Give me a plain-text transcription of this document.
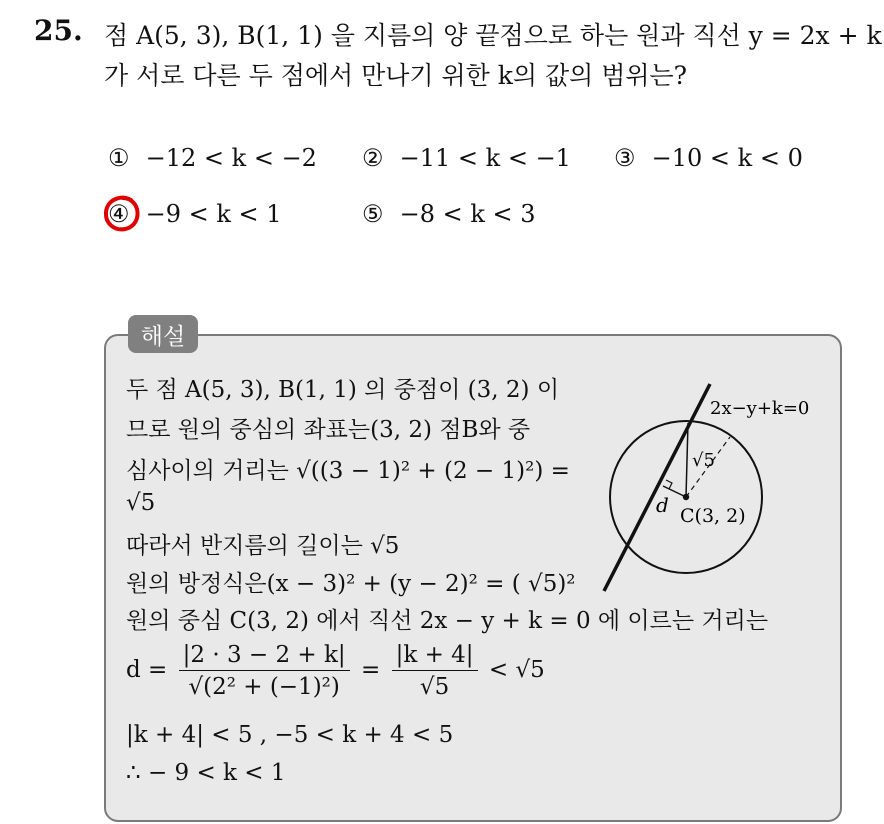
25. 점 A(5, 3), B(1, 1) 을 지름의 양 끝점으로 하는 원과 직선 y = 2x + k
가 서로 다른 두 점에서 만나기 위한 k의 값의 범위는?
① −12 < k < −2 ② −11 < k < −1 ③ −10 < k < 0
④ −9 < k < 1	⑤ −8 < k < 3
해설
두 점 A(5, 3), B(1, 1) 의 중점이 (3, 2) 이
므로 원의 중심의 좌표는(3, 2) 점B와 중
심사이의 거리는 √((3 − 1)² + (2 − 1)²) =
√5
따라서 반지름의 길이는 √5
원의 방정식은(x − 3)² + (y − 2)² = ( √5)²
원의 중심 C(3, 2) 에서 직선 2x − y + k = 0 에 이르는 거리는
$d = \frac{|2 \cdot 3 - 2 + k|}{\text{√(2² + (−1)²)}} = \frac{|k + 4|}{√5} < √5$
|k + 4| < 5 , −5 < k + 4 < 5
∴ − 9 < k < 1
2x−y+k=0
√5
d C(3, 2)
